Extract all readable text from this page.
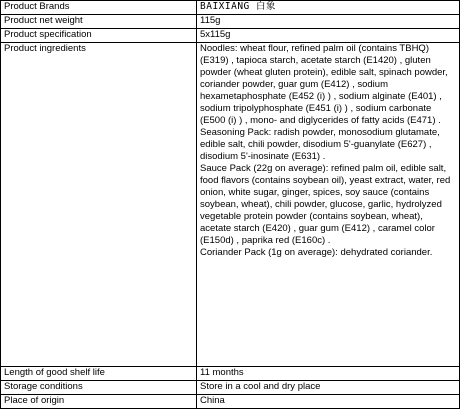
Product Brands	BAIXIANG 白象
Product net weight	115g
Product specification	5x115g
Product ingredients	Noodles: wheat flour, refined palm oil (contains TBHQ) (E319) , tapioca starch, acetate starch (E1420) , gluten powder (wheat gluten protein), edible salt, spinach powder, coriander powder, guar gum (E412) , sodium hexametaphosphate (E452 (i) ) , sodium alginate (E401) , sodium tripolyphosphate (E451 (i) ) , sodium carbonate (E500 (i) ) , mono- and diglycerides of fatty acids (E471) .
Seasoning Pack: radish powder, monosodium glutamate, edible salt, chili powder, disodium 5'-guanylate (E627) , disodium 5'-inosinate (E631) .
Sauce Pack (22g on average): refined palm oil, edible salt, food flavors (contains soybean oil), yeast extract, water, red onion, white sugar, ginger, spices, soy sauce (contains soybean, wheat), chili powder, glucose, garlic, hydrolyzed vegetable protein powder (contains soybean, wheat), acetate starch (E420) , guar gum (E412) , caramel color (E150d) , paprika red (E160c) .
Coriander Pack (1g on average): dehydrated coriander.

Length of good shelf life	11 months
Storage conditions	Store in a cool and dry place
Place of origin	China
